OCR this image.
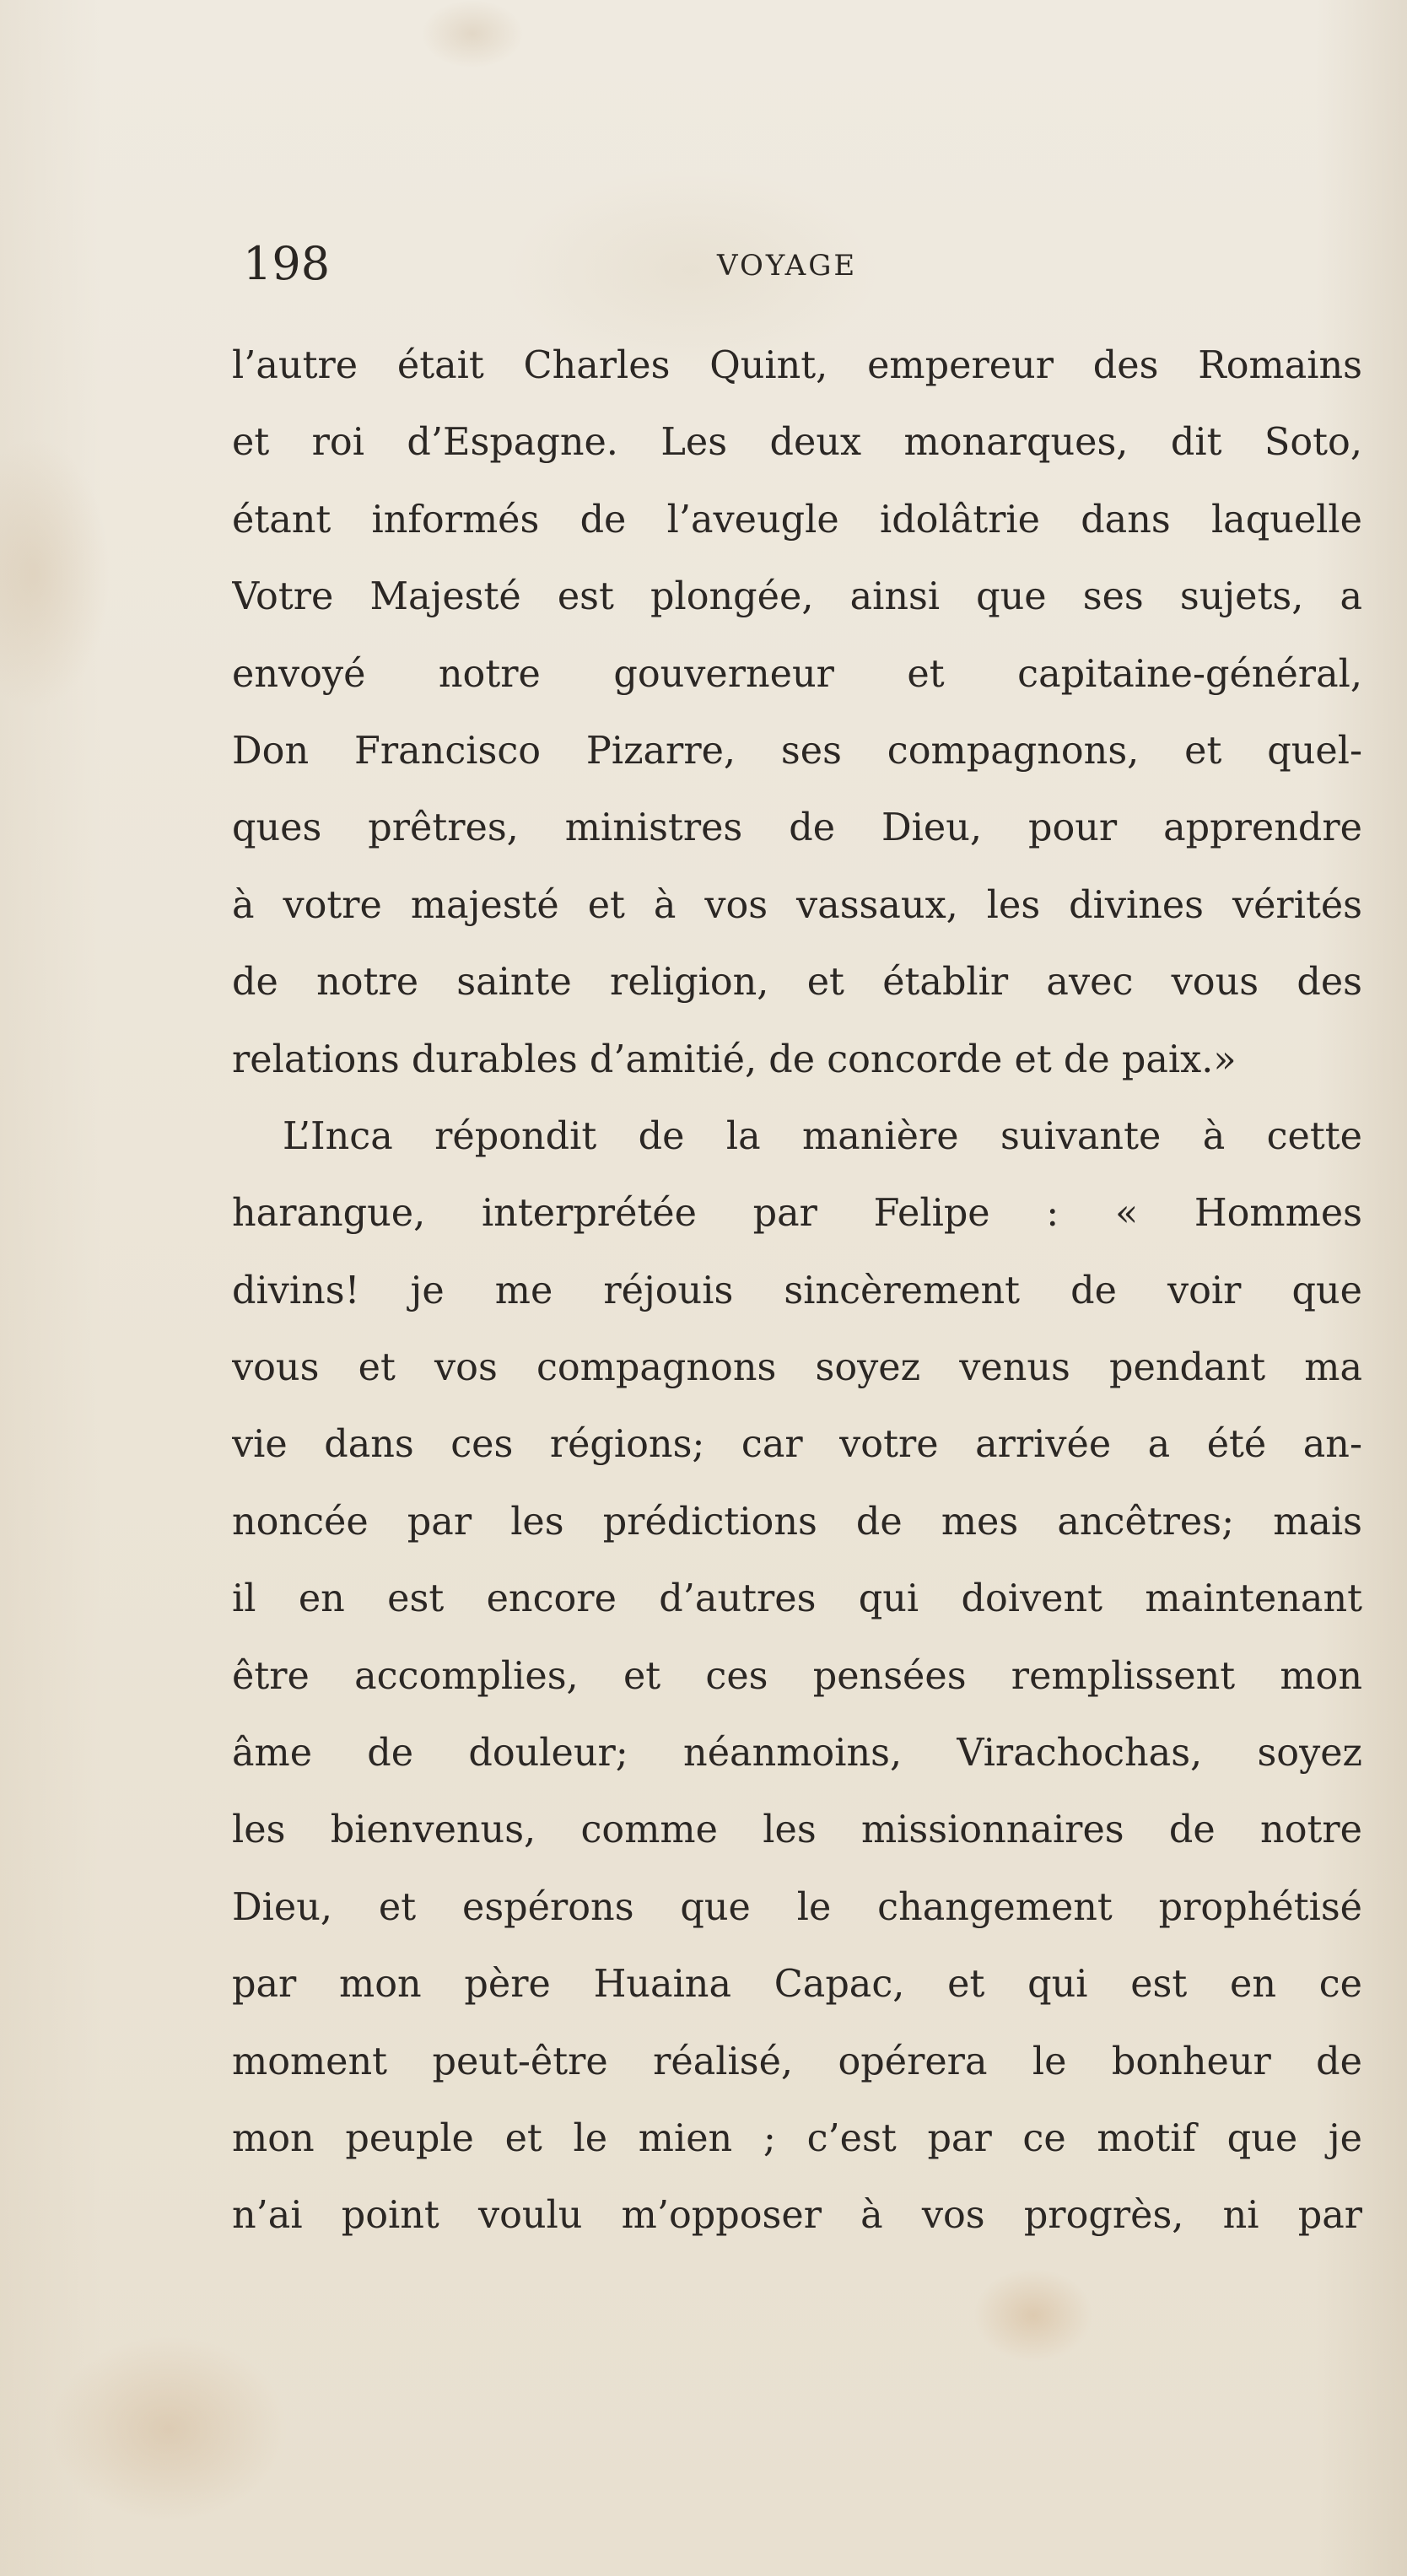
198	VOYAGE
l’autre était Charles Quint, empereur des Romains
et roi d’Espagne. Les deux monarques, dit Soto,
étant informés de l’aveugle idolâtrie dans laquelle
Votre Majesté est plongée, ainsi que ses sujets, a
envoyé notre gouverneur et capitaine-général,
Don Francisco Pizarre, ses compagnons, et quel-
ques prêtres, ministres de Dieu, pour apprendre
à votre majesté et à vos vassaux, les divines vérités
de notre sainte religion, et établir avec vous des
relations durables d’amitié, de concorde et de paix.»
L’Inca répondit de la manière suivante à cette
harangue, interprétée par Felipe : « Hommes
divins! je me réjouis sincèrement de voir que
vous et vos compagnons soyez venus pendant ma
vie dans ces régions; car votre arrivée a été an-
noncée par les prédictions de mes ancêtres; mais
il en est encore d’autres qui doivent maintenant
être accomplies, et ces pensées remplissent mon
âme de douleur; néanmoins, Virachochas, soyez
les bienvenus, comme les missionnaires de notre
Dieu, et espérons que le changement prophétisé
par mon père Huaina Capac, et qui est en ce
moment peut-être réalisé, opérera le bonheur de
mon peuple et le mien ; c’est par ce motif que je
n’ai point voulu m’opposer à vos progrès, ni par
